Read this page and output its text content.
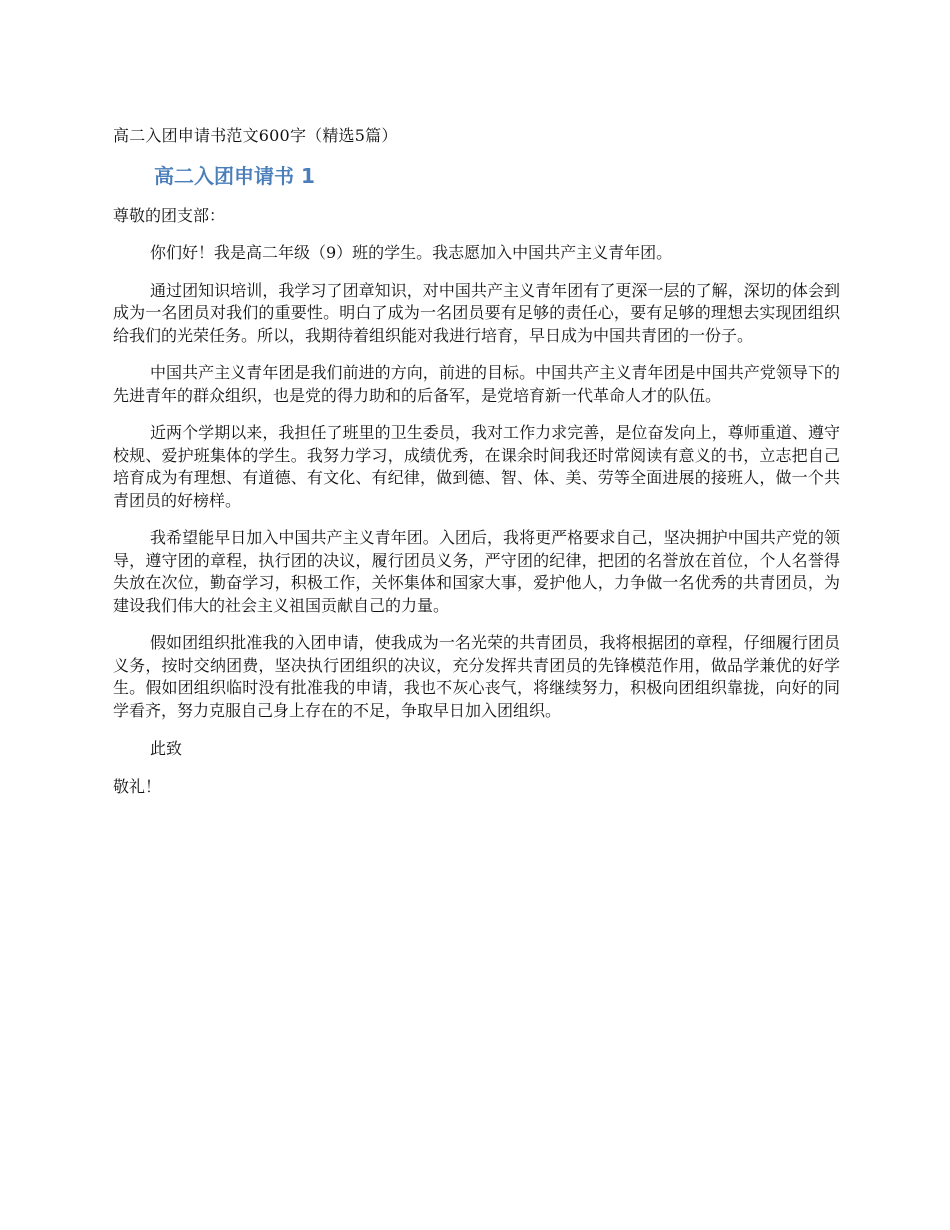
高二入团申请书范文600字（精选5篇）
高二入团申请书 1
尊敬的团支部：

你们好！我是高二年级（9）班的学生。我志愿加入中国共产主义青年团。

通过团知识培训，我学习了团章知识，对中国共产主义青年团有了更深一层的了解，深切的体会到成为一名团员对我们的重要性。明白了成为一名团员要有足够的责任心，要有足够的理想去实现团组织给我们的光荣任务。所以，我期待着组织能对我进行培育，早日成为中国共青团的一份子。

中国共产主义青年团是我们前进的方向，前进的目标。中国共产主义青年团是中国共产党领导下的先进青年的群众组织，也是党的得力助和的后备军，是党培育新一代革命人才的队伍。

近两个学期以来，我担任了班里的卫生委员，我对工作力求完善，是位奋发向上，尊师重道、遵守校规、爱护班集体的学生。我努力学习，成绩优秀，在课余时间我还时常阅读有意义的书，立志把自己培育成为有理想、有道德、有文化、有纪律，做到德、智、体、美、劳等全面进展的接班人，做一个共青团员的好榜样。

我希望能早日加入中国共产主义青年团。入团后，我将更严格要求自己，坚决拥护中国共产党的领导，遵守团的章程，执行团的决议，履行团员义务，严守团的纪律，把团的名誉放在首位，个人名誉得失放在次位，勤奋学习，积极工作，关怀集体和国家大事，爱护他人，力争做一名优秀的共青团员，为建设我们伟大的社会主义祖国贡献自己的力量。

假如团组织批准我的入团申请，使我成为一名光荣的共青团员，我将根据团的章程，仔细履行团员义务，按时交纳团费，坚决执行团组织的决议，充分发挥共青团员的先锋模范作用，做品学兼优的好学生。假如团组织临时没有批准我的申请，我也不灰心丧气，将继续努力，积极向团组织靠拢，向好的同学看齐，努力克服自己身上存在的不足，争取早日加入团组织。

此致
敬礼！
